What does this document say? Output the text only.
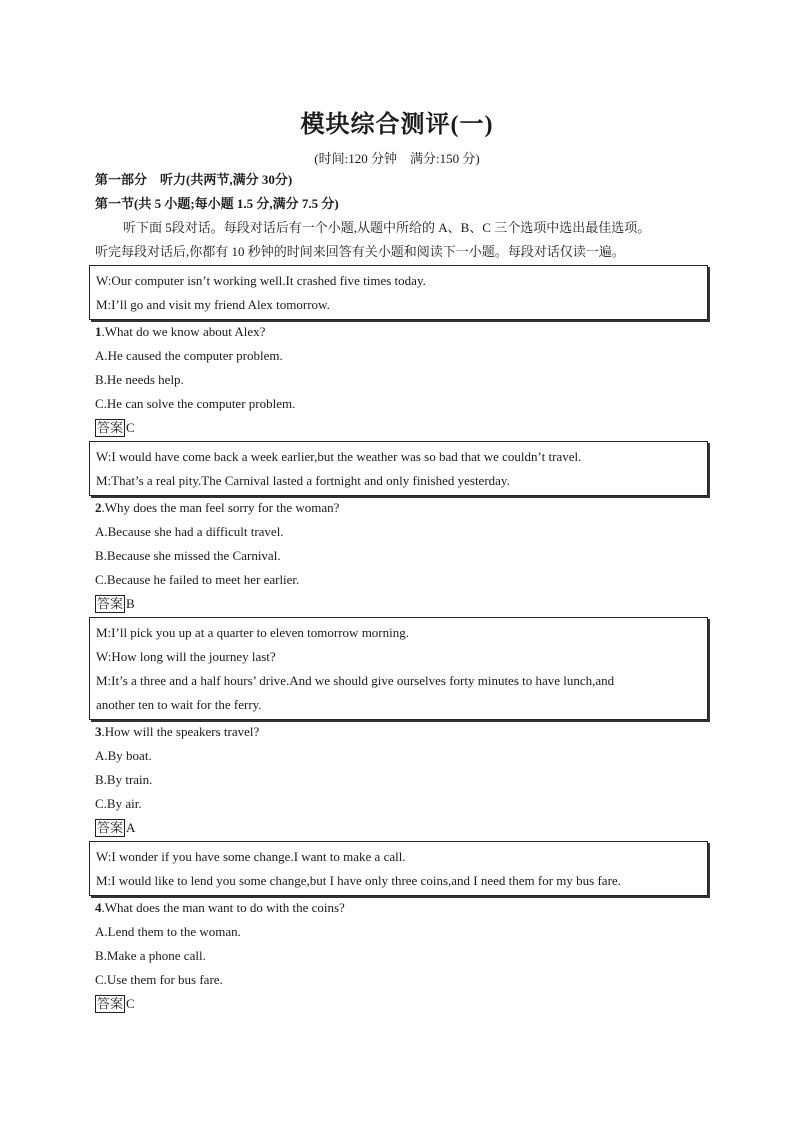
模块综合测评(一)
(时间:120 分钟　满分:150 分)
第一部分　听力(共两节,满分 30分)
第一节(共 5 小题;每小题 1.5 分,满分 7.5 分)
听下面 5段对话。每段对话后有一个小题,从题中所给的 A、B、C 三个选项中选出最佳选项。
听完每段对话后,你都有 10 秒钟的时间来回答有关小题和阅读下一小题。每段对话仅读一遍。
W:Our computer isn’t working well.It crashed five times today.
M:I’ll go and visit my friend Alex tomorrow.
1.What do we know about Alex?
A.He caused the computer problem.
B.He needs help.
C.He can solve the computer problem.
答案 C
W:I would have come back a week earlier,but the weather was so bad that we couldn’t travel.
M:That’s a real pity.The Carnival lasted a fortnight and only finished yesterday.
2.Why does the man feel sorry for the woman?
A.Because she had a difficult travel.
B.Because she missed the Carnival.
C.Because he failed to meet her earlier.
答案 B
M:I’ll pick you up at a quarter to eleven tomorrow morning.
W:How long will the journey last?
M:It’s a three and a half hours’ drive.And we should give ourselves forty minutes to have lunch,and
another ten to wait for the ferry.
3.How will the speakers travel?
A.By boat.
B.By train.
C.By air.
答案 A
W:I wonder if you have some change.I want to make a call.
M:I would like to lend you some change,but I have only three coins,and I need them for my bus fare.
4.What does the man want to do with the coins?
A.Lend them to the woman.
B.Make a phone call.
C.Use them for bus fare.
答案 C
